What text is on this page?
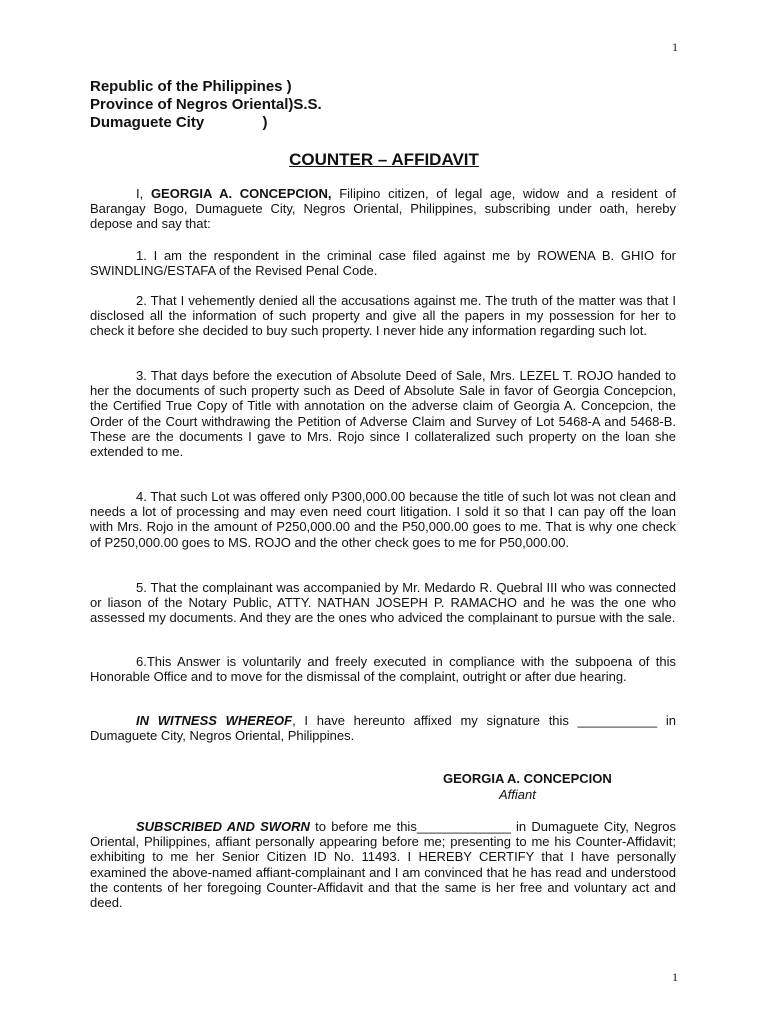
1
Republic of the Philippines )
Province of Negros Oriental)S.S.
Dumaguete City              )
COUNTER – AFFIDAVIT

I, GEORGIA A. CONCEPCION, Filipino citizen, of legal age, widow and a resident of Barangay Bogo, Dumaguete City, Negros Oriental, Philippines, subscribing under oath, hereby depose and say that:

1. I am the respondent in the criminal case filed against me by ROWENA B. GHIO for SWINDLING/ESTAFA of the Revised Penal Code.

2. That I vehemently denied all the accusations against me. The truth of the matter was that I disclosed all the information of such property and give all the papers in my possession for her to check it before she decided to buy such property. I never hide any information regarding such lot.

3. That days before the execution of Absolute Deed of Sale, Mrs. LEZEL T. ROJO handed to her the documents of such property such as Deed of Absolute Sale in favor of Georgia Concepcion, the Certified True Copy of Title with annotation on the adverse claim of Georgia A. Concepcion, the Order of the Court withdrawing the Petition of Adverse Claim and Survey of Lot 5468-A and 5468-B. These are the documents I gave to Mrs. Rojo since I collateralized such property on the loan she extended to me.

4. That such Lot was offered only P300,000.00 because the title of such lot was not clean and needs a lot of processing and may even need court litigation. I sold it so that I can pay off the loan with Mrs. Rojo in the amount of P250,000.00 and the P50,000.00 goes to me. That is why one check of P250,000.00 goes to MS. ROJO and the other check goes to me for P50,000.00.

5. That the complainant was accompanied by Mr. Medardo R. Quebral III who was connected or liason of the Notary Public, ATTY. NATHAN JOSEPH P. RAMACHO and he was the one who assessed my documents. And they are the ones who adviced the complainant to pursue with the sale.

6.This Answer is voluntarily and freely executed in compliance with the subpoena of this Honorable Office and to move for the dismissal of the complaint, outright or after due hearing.

IN WITNESS WHEREOF, I have hereunto affixed my signature this ___________ in Dumaguete City, Negros Oriental, Philippines.

GEORGIA A. CONCEPCION
Affiant

SUBSCRIBED AND SWORN to before me this_____________ in Dumaguete City, Negros Oriental, Philippines, affiant personally appearing before me; presenting to me his Counter-Affidavit; exhibiting to me her Senior Citizen ID No. 11493. I HEREBY CERTIFY that I have personally examined the above-named affiant-complainant and I am convinced that he has read and understood the contents of her foregoing Counter-Affidavit and that the same is her free and voluntary act and deed.

1
